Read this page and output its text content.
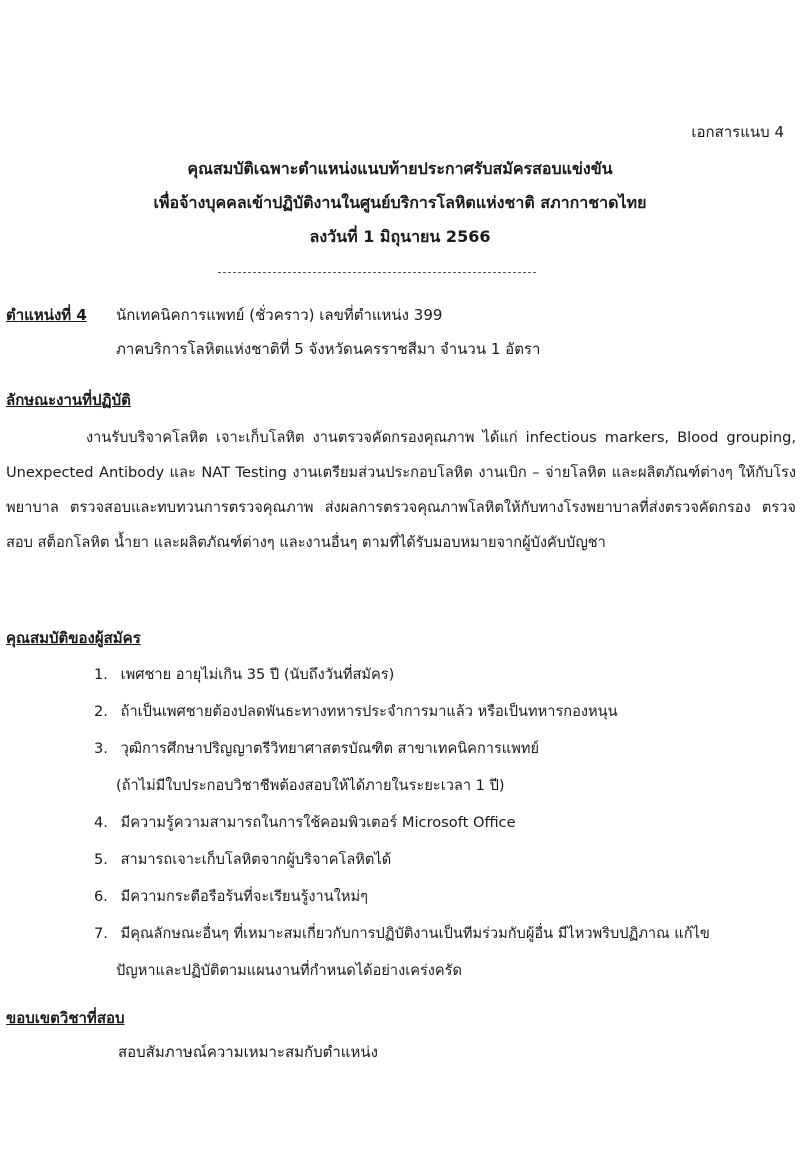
เอกสารแนบ 4
คุณสมบัติเฉพาะตำแหน่งแนบท้ายประกาศรับสมัครสอบแข่งขัน
เพื่อจ้างบุคคลเข้าปฏิบัติงานในศูนย์บริการโลหิตแห่งชาติ สภากาชาดไทย
ลงวันที่ 1 มิถุนายน 2566
ตำแหน่งที่ 4	นักเทคนิคการแพทย์ (ชั่วคราว) เลขที่ตำแหน่ง 399
ภาคบริการโลหิตแห่งชาติที่ 5 จังหวัดนครราชสีมา จำนวน 1 อัตรา
ลักษณะงานที่ปฏิบัติ
งานรับบริจาคโลหิต เจาะเก็บโลหิต งานตรวจคัดกรองคุณภาพ ได้แก่ infectious markers, Blood grouping, Unexpected Antibody และ NAT Testing งานเตรียมส่วนประกอบโลหิต งานเบิก – จ่ายโลหิต และผลิตภัณฑ์ต่างๆ ให้กับโรงพยาบาล ตรวจสอบและทบทวนการตรวจคุณภาพ ส่งผลการตรวจคุณภาพโลหิตให้กับทางโรงพยาบาลที่ส่งตรวจคัดกรอง ตรวจสอบ สต็อกโลหิต น้ำยา และผลิตภัณฑ์ต่างๆ และงานอื่นๆ ตามที่ได้รับมอบหมายจากผู้บังคับบัญชา
คุณสมบัติของผู้สมัคร
1. เพศชาย อายุไม่เกิน 35 ปี (นับถึงวันที่สมัคร)
2. ถ้าเป็นเพศชายต้องปลดพันธะทางทหารประจำการมาแล้ว หรือเป็นทหารกองหนุน
3. วุฒิการศึกษาปริญญาตรีวิทยาศาสตรบัณฑิต สาขาเทคนิคการแพทย์
(ถ้าไม่มีใบประกอบวิชาชีพต้องสอบให้ได้ภายในระยะเวลา 1 ปี)
4. มีความรู้ความสามารถในการใช้คอมพิวเตอร์ Microsoft Office
5. สามารถเจาะเก็บโลหิตจากผู้บริจาคโลหิตได้
6. มีความกระตือรือร้นที่จะเรียนรู้งานใหม่ๆ
7. มีคุณลักษณะอื่นๆ ที่เหมาะสมเกี่ยวกับการปฏิบัติงานเป็นทีมร่วมกับผู้อื่น มีไหวพริบปฏิภาณ แก้ไข
ปัญหาและปฏิบัติตามแผนงานที่กำหนดได้อย่างเคร่งครัด
ขอบเขตวิชาที่สอบ
สอบสัมภาษณ์ความเหมาะสมกับตำแหน่ง
